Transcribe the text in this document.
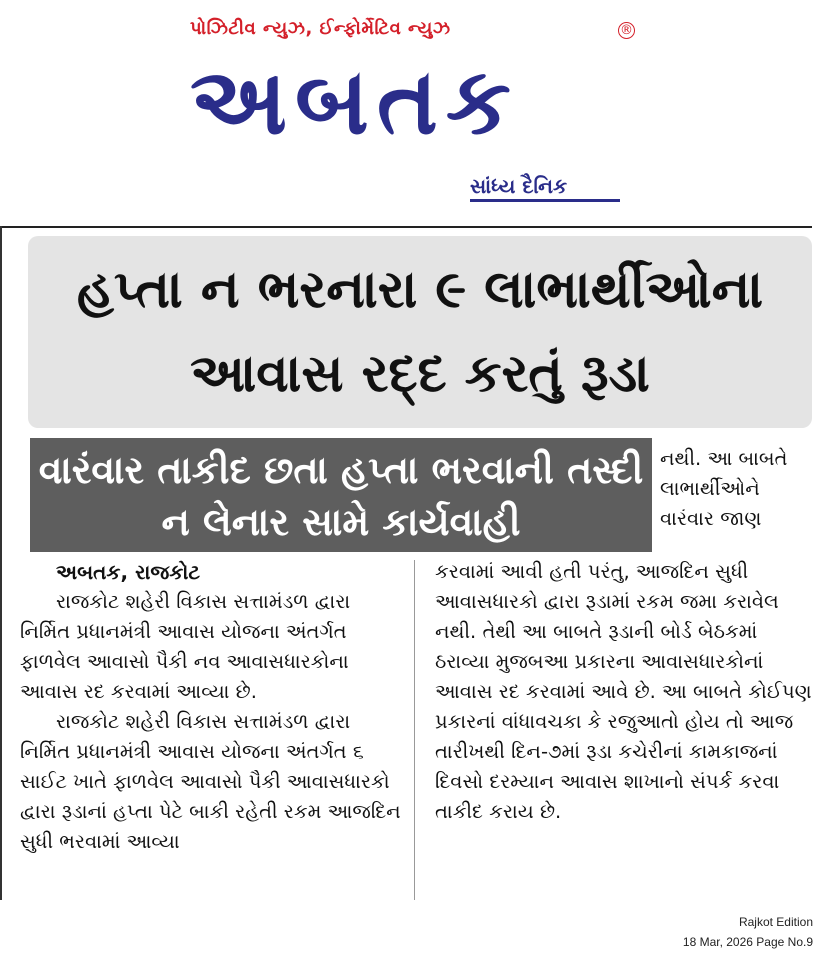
પોઝિટીવ ન્યુઝ, ઈન્ફોર્મેટિવ ન્યુઝ	®
અબતક
સાંધ્ય દૈનિક
હપ્તા ન ભરનારા ૯ લાભાર્થીઓના આવાસ રદ્દ કરતું રૂડા
વારંવાર તાકીદ છતા હપ્તા ભરવાની તસ્દી ન લેનાર સામે કાર્યવાહી

નથી. આ બાબતે લાભાર્થીઓને વારંવાર જાણ

અબતક, રાજકોટ

રાજકોટ શહેરી વિકાસ સત્તામંડળ દ્વારા નિર્મિત પ્રધાનમંત્રી આવાસ યોજના અંતર્ગત ફાળવેલ આવાસો પૈકી નવ આવાસધારકોના આવાસ રદ કરવામાં આવ્યા છે.

રાજકોટ શહેરી વિકાસ સત્તામંડળ દ્વારા નિર્મિત પ્રધાનમંત્રી આવાસ યોજના અંતર્ગત ૬ સાઈટ ખાતે ફાળવેલ આવાસો પૈકી આવાસધારકો દ્વારા રૂડાનાં હપ્તા પેટે બાકી રહેતી રકમ આજદિન સુધી ભરવામાં આવ્યા

કરવામાં આવી હતી પરંતુ, આજદિન સુધી આવાસધારકો દ્વારા રૂડામાં રકમ જમા કરાવેલ નથી. તેથી આ બાબતે રૂડાની બોર્ડ બેઠકમાં ઠરાવ્યા મુજબઆ પ્રકારના આવાસધારકોનાં આવાસ રદ કરવામાં આવે છે. આ બાબતે કોઈપણ પ્રકારનાં વાંધાવચકા કે રજુઆતો હોય તો આજ તારીખથી દિન-૭માં રૂડા કચેરીનાં કામકાજનાં દિવસો દરમ્યાન આવાસ શાખાનો સંપર્ક કરવા તાકીદ કરાય છે.

Rajkot Edition
18 Mar, 2026 Page No.9
